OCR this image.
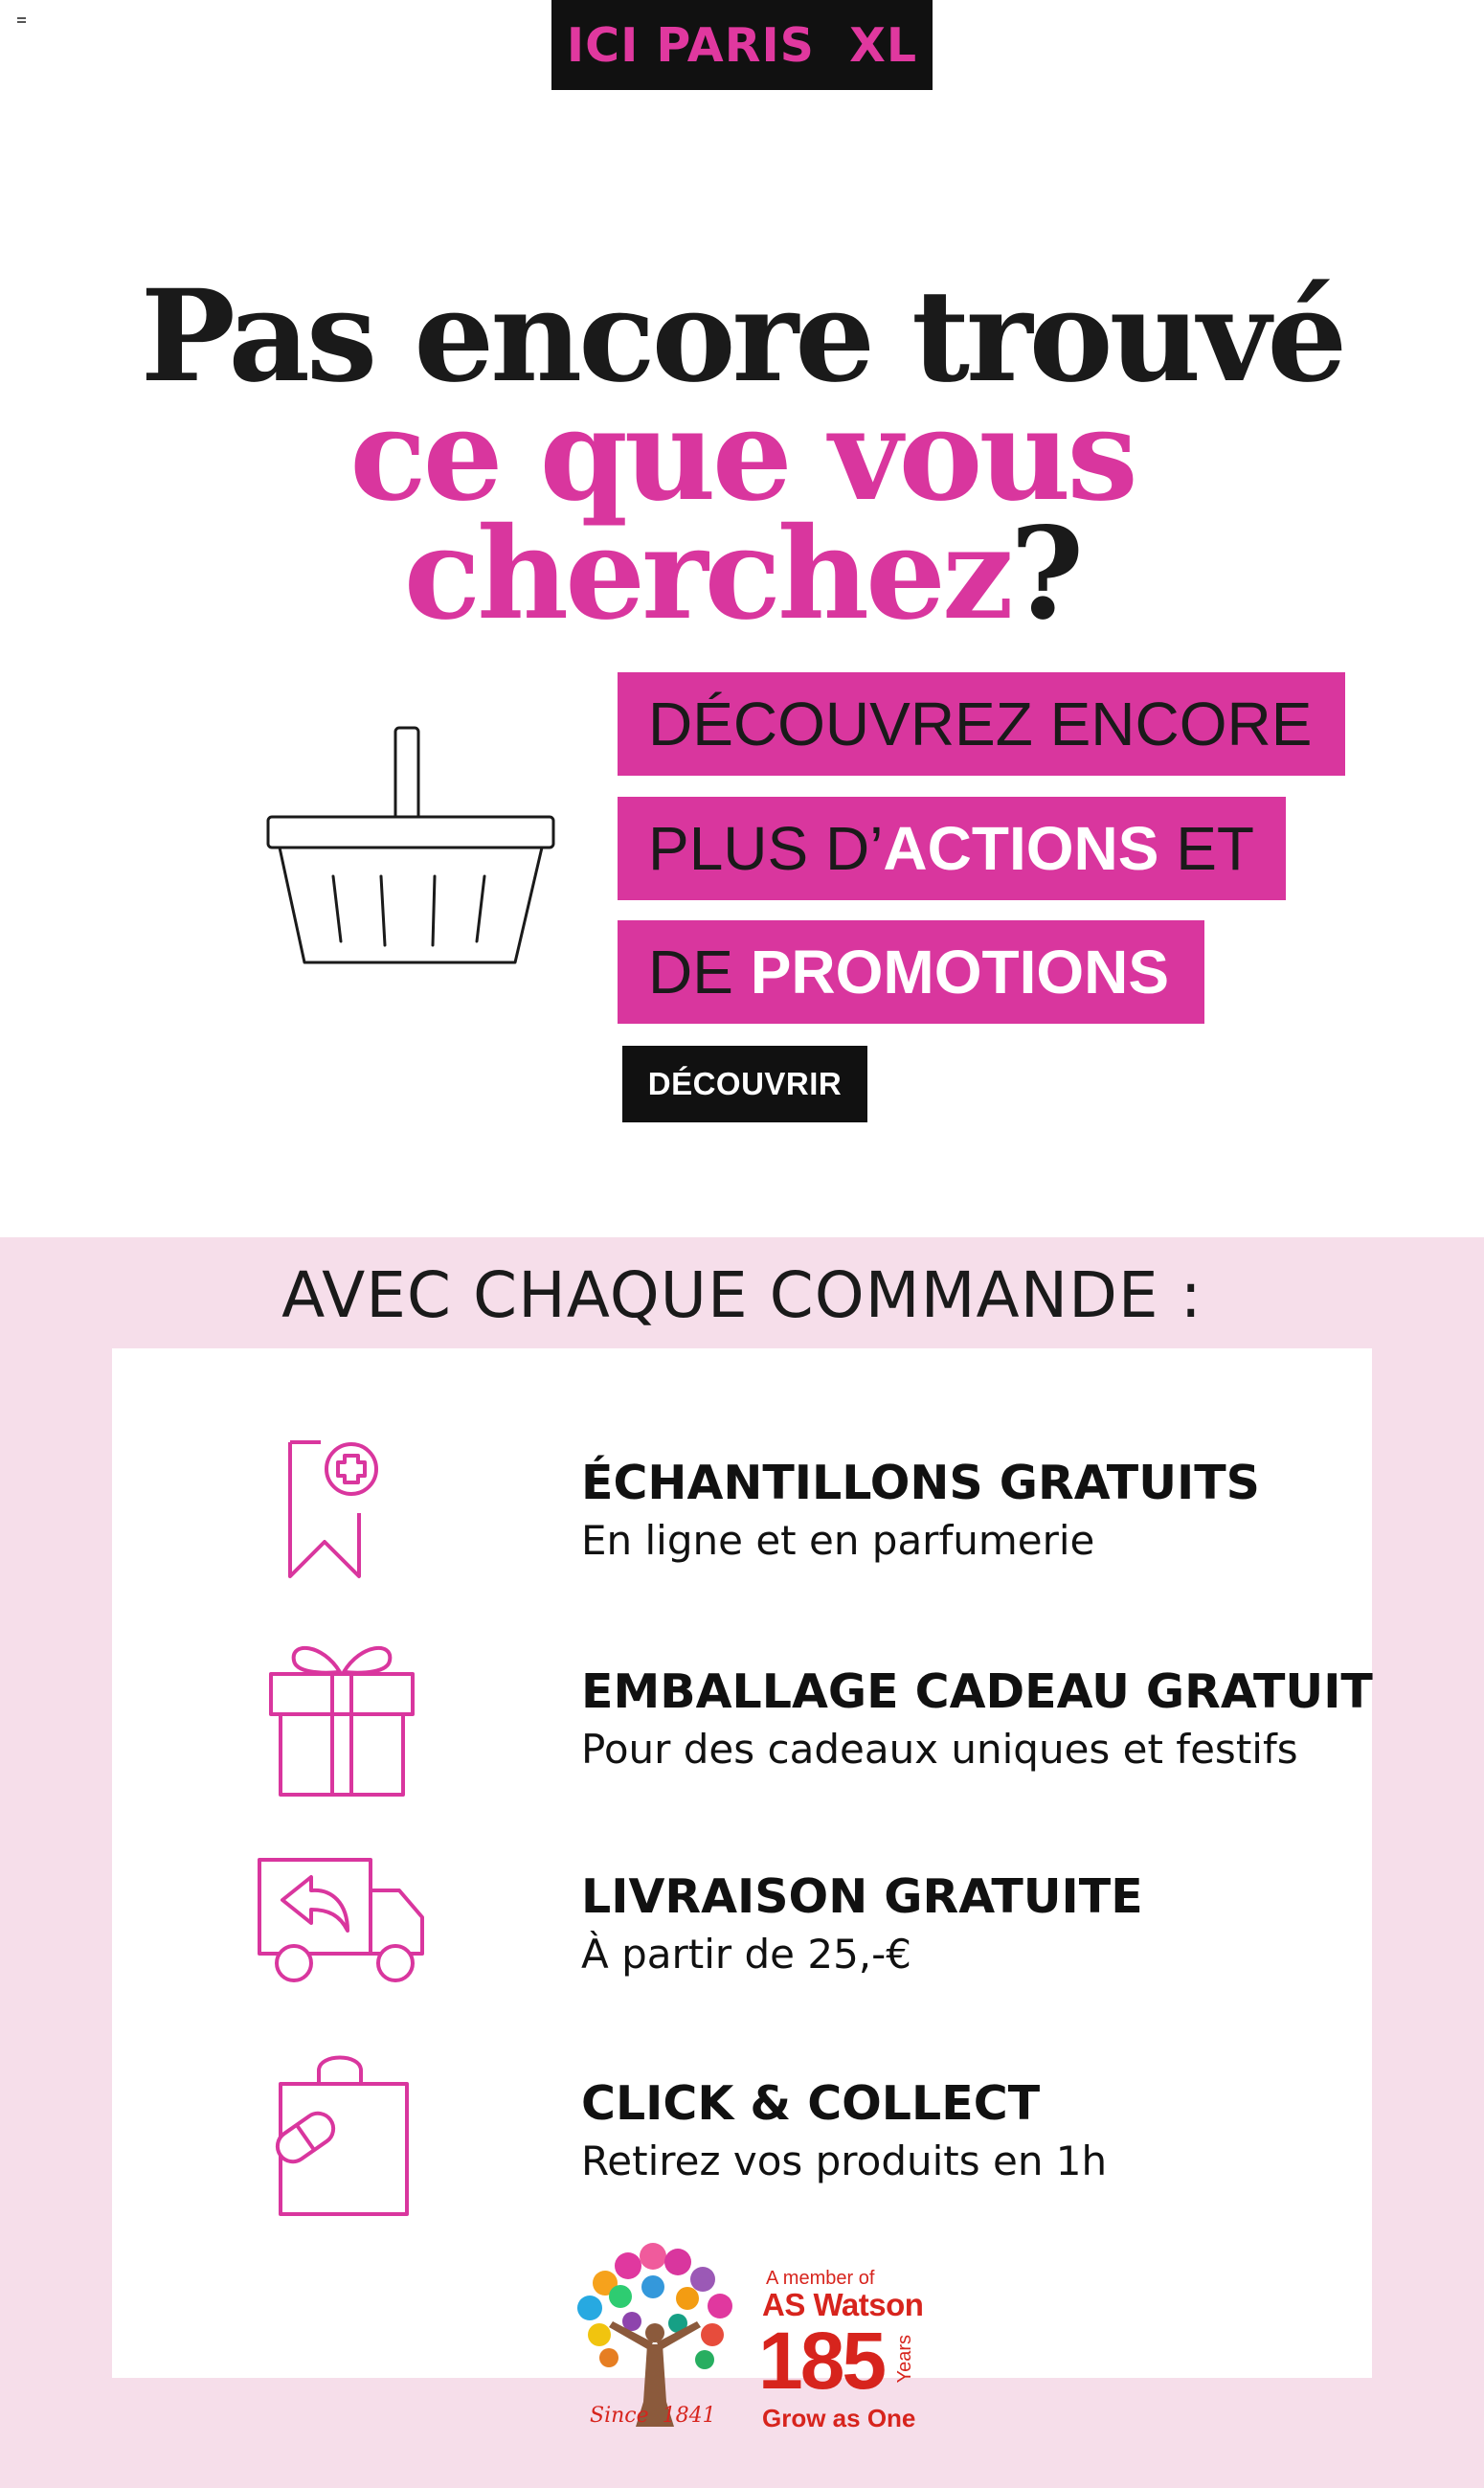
ICI PARIS  XL
Pas encore trouvé
ce que vous cherchez?
DÉCOUVREZ ENCORE
PLUS D’ ACTIONS ET
DE PROMOTIONS
DÉCOUVRIR
AVEC CHAQUE COMMANDE :

ÉCHANTILLONS GRATUITS

En ligne et en parfumerie

EMBALLAGE CADEAU GRATUIT

Pour des cadeaux uniques et festifs

LIVRAISON GRATUITE

À partir de 25,-€

CLICK & COLLECT

Retirez vos produits en 1h

A member of
AS Watson
185 Years
Grow as One
Since  1841
